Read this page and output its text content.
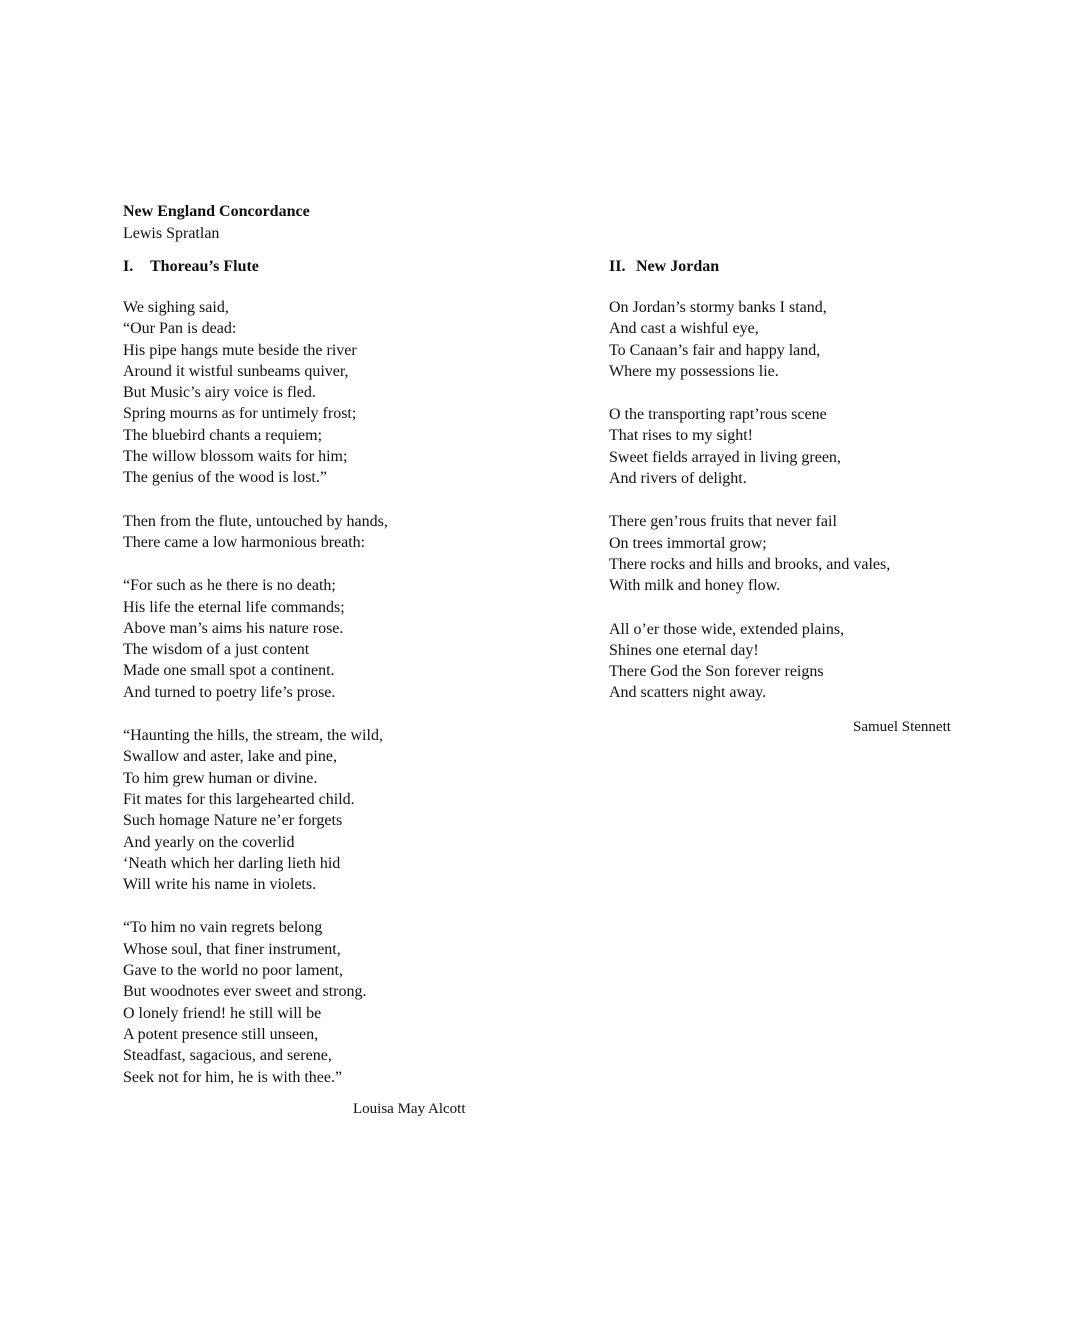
New England Concordance
Lewis Spratlan
I. Thoreau’s Flute
We sighing said,
“Our Pan is dead:
His pipe hangs mute beside the river
Around it wistful sunbeams quiver,
But Music’s airy voice is fled.
Spring mourns as for untimely frost;
The bluebird chants a requiem;
The willow blossom waits for him;
The genius of the wood is lost.”
Then from the flute, untouched by hands,
There came a low harmonious breath:
“For such as he there is no death;
His life the eternal life commands;
Above man’s aims his nature rose.
The wisdom of a just content
Made one small spot a continent.
And turned to poetry life’s prose.
“Haunting the hills, the stream, the wild,
Swallow and aster, lake and pine,
To him grew human or divine.
Fit mates for this largehearted child.
Such homage Nature ne’er forgets
And yearly on the coverlid
‘Neath which her darling lieth hid
Will write his name in violets.
“To him no vain regrets belong
Whose soul, that finer instrument,
Gave to the world no poor lament,
But woodnotes ever sweet and strong.
O lonely friend! he still will be
A potent presence still unseen,
Steadfast, sagacious, and serene,
Seek not for him, he is with thee.”
Louisa May Alcott
II. New Jordan
On Jordan’s stormy banks I stand,
And cast a wishful eye,
To Canaan’s fair and happy land,
Where my possessions lie.
O the transporting rapt’rous scene
That rises to my sight!
Sweet fields arrayed in living green,
And rivers of delight.
There gen’rous fruits that never fail
On trees immortal grow;
There rocks and hills and brooks, and vales,
With milk and honey flow.
All o’er those wide, extended plains,
Shines one eternal day!
There God the Son forever reigns
And scatters night away.
Samuel Stennett
